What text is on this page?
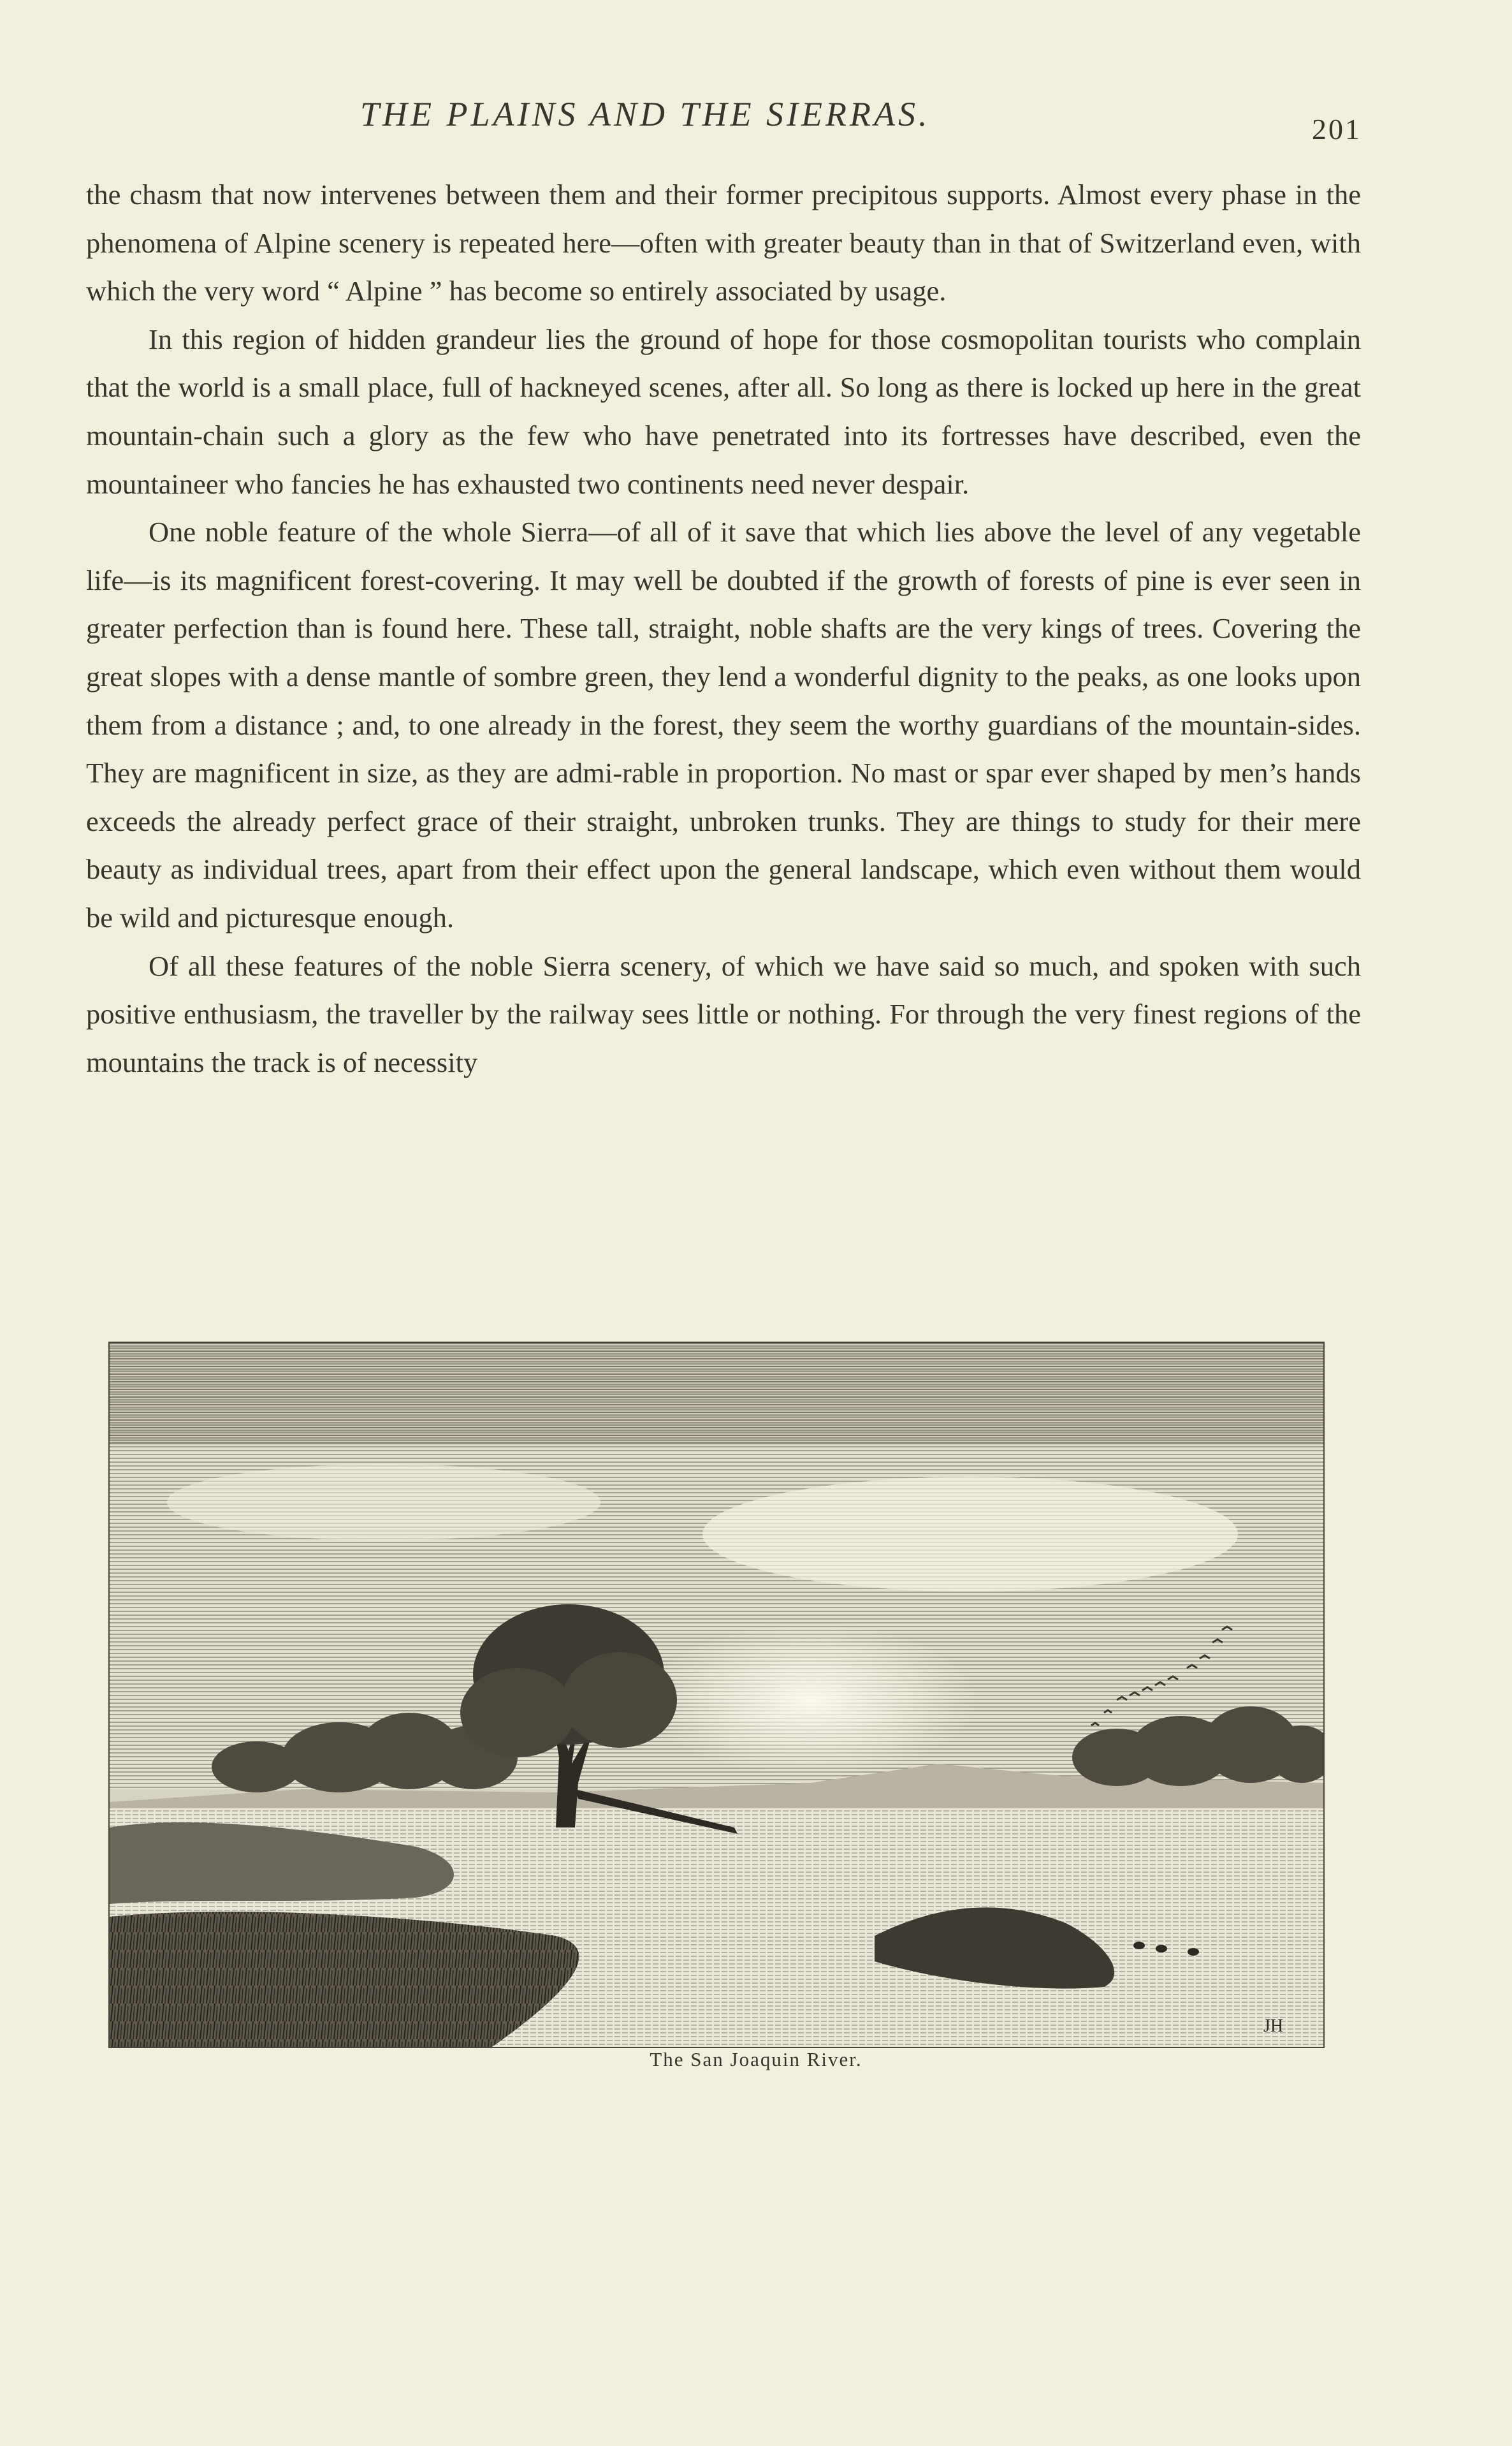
THE PLAINS AND THE SIERRAS.	201

the chasm that now intervenes between them and their former precipitous supports. Almost every phase in the phenomena of Alpine scenery is repeated here—often with greater beauty than in that of Switzerland even, with which the very word “ Alpine ” has become so entirely associated by usage.

In this region of hidden grandeur lies the ground of hope for those cosmopolitan tourists who complain that the world is a small place, full of hackneyed scenes, after all. So long as there is locked up here in the great mountain-chain such a glory as the few who have penetrated into its fortresses have described, even the mountaineer who fancies he has exhausted two continents need never despair.

One noble feature of the whole Sierra—of all of it save that which lies above the level of any vegetable life—is its magnificent forest-covering. It may well be doubted if the growth of forests of pine is ever seen in greater perfection than is found here. These tall, straight, noble shafts are the very kings of trees. Covering the great slopes with a dense mantle of sombre green, they lend a wonderful dignity to the peaks, as one looks upon them from a distance ; and, to one already in the forest, they seem the worthy guardians of the mountain-sides. They are magnificent in size, as they are admi-rable in proportion. No mast or spar ever shaped by men’s hands exceeds the already perfect grace of their straight, unbroken trunks. They are things to study for their mere beauty as individual trees, apart from their effect upon the general landscape, which even without them would be wild and picturesque enough.

Of all these features of the noble Sierra scenery, of which we have said so much, and spoken with such positive enthusiasm, the traveller by the railway sees little or nothing. For through the very finest regions of the mountains the track is of necessity

JH
The San Joaquin River.
